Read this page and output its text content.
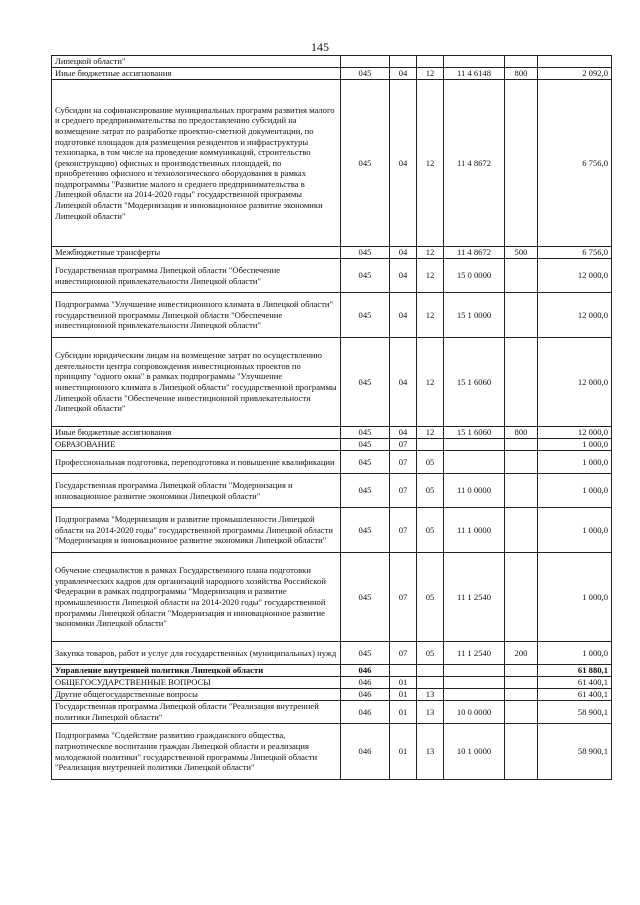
145
Липецкой области"						
Иные бюджетные ассигнования	045	04	12	11 4 6148	800	2 092,0
Субсидии на софинансирование муниципальных программ развития малого и среднего предпринимательства по предоставлению субсидий на возмещение затрат по разработке проектно-сметной документации, по подготовке площадок для размещения резидентов и инфраструктуры технопарка, в том числе на проведение коммуникаций, строительство (реконструкцию) офисных и производственных площадей, по приобретению офисного и технологического оборудования в рамках подпрограммы "Развитие малого и среднего предпринимательства в Липецкой области на 2014-2020 годы" государственной программы Липецкой области "Модернизация и инновационное развитие экономики Липецкой области"	045	04	12	11 4 8672		6 756,0
Межбюджетные трансферты	045	04	12	11 4 8672	500	6 756,0
Государственная программа Липецкой области "Обеспечение инвестиционной привлекательности Липецкой области"	045	04	12	15 0 0000		12 000,0
Подпрограмма "Улучшение инвестиционного климата в Липецкой области" государственной программы Липецкой области "Обеспечение инвестиционной привлекательности Липецкой области"	045	04	12	15 1 0000		12 000,0
Субсидии юридическим лицам на возмещение затрат по осуществлению деятельности центра сопровождения инвестиционных проектов по принципу "одного окна" в рамках подпрограммы "Улучшение инвестиционного климата в Липецкой области" государственной программы Липецкой области "Обеспечение инвестиционной привлекательности Липецкой области"	045	04	12	15 1 6060		12 000,0
Иные бюджетные ассигнования	045	04	12	15 1 6060	800	12 000,0
ОБРАЗОВАНИЕ	045	07				1 000,0
Профессиональная подготовка, переподготовка и повышение квалификации	045	07	05			1 000,0
Государственная программа Липецкой области "Модернизация и инновационное развитие экономики Липецкой области"	045	07	05	11 0 0000		1 000,0
Подпрограмма "Модернизация и развитие промышленности Липецкой области на 2014-2020 годы" государственной программы Липецкой области "Модернизация и инновационное развитие экономики Липецкой области"	045	07	05	11 1 0000		1 000,0
Обучение специалистов в рамках Государственного плана подготовки управленческих кадров для организаций народного хозяйства Российской Федерации в рамках подпрограммы "Модернизация и развитие промышленности Липецкой области на 2014-2020 годы" государственной программы Липецкой области "Модернизация и инновационное развитие экономики Липецкой области"	045	07	05	11 1 2540		1 000,0
Закупка товаров, работ и услуг для государственных (муниципальных) нужд	045	07	05	11 1 2540	200	1 000,0
Управление внутренней политики Липецкой области	046					61 880,1
ОБЩЕГОСУДАРСТВЕННЫЕ ВОПРОСЫ	046	01				61 400,1
Другие общегосударственные вопросы	046	01	13			61 400,1
Государственная программа Липецкой области "Реализация внутренней политики Липецкой области"	046	01	13	10 0 0000		58 900,1
Подпрограмма "Содействие развитию гражданского общества, патриотическое воспитания граждан Липецкой области и реализация молодежной политики" государственной программы Липецкой области "Реализация внутренней политики Липецкой области"	046	01	13	10 1 0000		58 900,1
